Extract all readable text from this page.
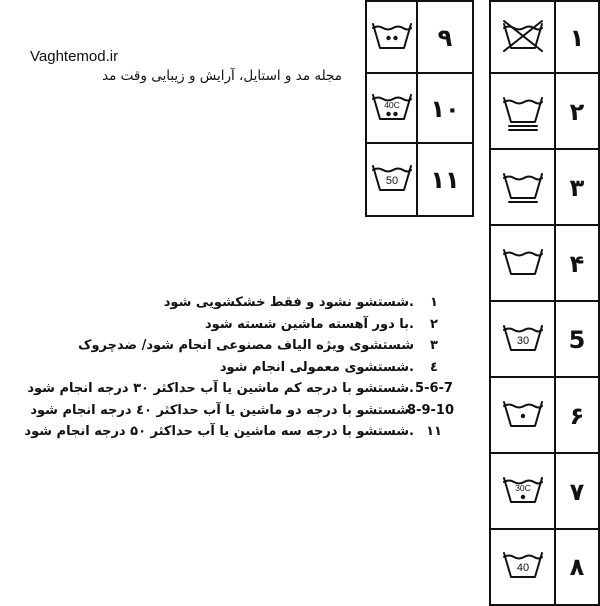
Vaghtemod.ir
مجله مد و استایل، آرایش و زیبایی وقت مد
۱
۲
۳
۴
5
30
۶
۷
30C
۸
40
۹
۱۰
40C
۱۱
50
۱
.شستشو نشود و فقط خشکشویی شود
۲
.با دور آهسته ماشین شسته شود
۳
شستشوی ویژه الیاف مصنوعی انجام شود/ ضدچروک
٤
.شستشوی معمولی انجام شود
5-6-7
.شستشو با درجه کم ماشین یا آب حداکثر ۳۰ درجه انجام شود
8-9-10
.شستشو با درجه دو ماشین یا آب حداکثر ٤٠ درجه انجام شود
۱۱
.شستشو با درجه سه ماشین یا آب حداکثر ۵٠ درجه انجام شود
